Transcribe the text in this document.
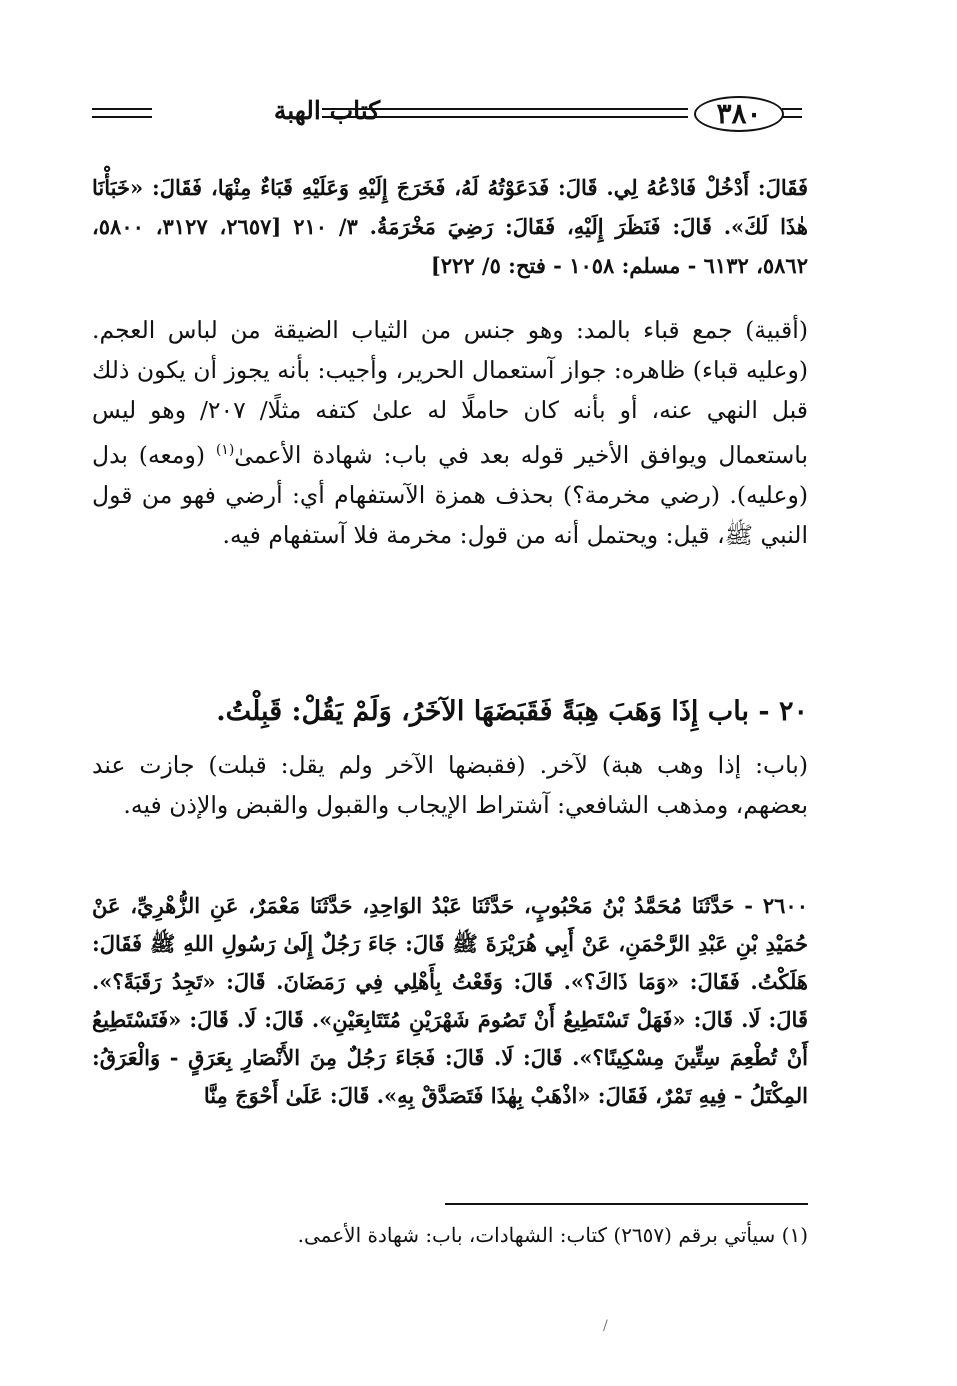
كتاب الهبة	٣٨٠

فَقَالَ: أَدْخُلْ فَادْعُهُ لِي. قَالَ: فَدَعَوْتُهُ لَهُ، فَخَرَجَ إِلَيْهِ وَعَلَيْهِ قَبَاءٌ مِنْهَا، فَقَالَ: «خَبَأْنَا هٰذَا لَكَ». قَالَ: فَنَظَرَ إِلَيْهِ، فَقَالَ: رَضِيَ مَخْرَمَةُ. ٣/ ٢١٠ [٢٦٥٧، ٣١٢٧، ٥٨٠٠، ٥٨٦٢، ٦١٣٢ - مسلم: ١٠٥٨ - فتح: ٥/ ٢٢٢]

(أقبية) جمع قباء بالمد: وهو جنس من الثياب الضيقة من لباس العجم. (وعليه قباء) ظاهره: جواز آستعمال الحرير، وأجيب: بأنه يجوز أن يكون ذلك قبل النهي عنه، أو بأنه كان حاملًا له علىٰ كتفه مثلًا/ ٢٠٧/ وهو ليس باستعمال ويوافق الأخير قوله بعد في باب: شهادة الأعمىٰ$^{(١)}$ (ومعه) بدل (وعليه). (رضي مخرمة؟) بحذف همزة الآستفهام أي: أرضي فهو من قول النبي ﷺ، قيل: ويحتمل أنه من قول: مخرمة فلا آستفهام فيه.

٢٠ - باب إِذَا وَهَبَ هِبَةً فَقَبَضَهَا الآخَرُ، وَلَمْ يَقُلْ: قَبِلْتُ.

(باب: إذا وهب هبة) لآخر. (فقبضها الآخر ولم يقل: قبلت) جازت عند بعضهم، ومذهب الشافعي: آشتراط الإيجاب والقبول والقبض والإذن فيه.

٢٦٠٠ - حَدَّثَنَا مُحَمَّدُ بْنُ مَحْبُوبٍ، حَدَّثَنَا عَبْدُ الوَاحِدِ، حَدَّثَنَا مَعْمَرٌ، عَنِ الزُّهْرِيِّ، عَنْ حُمَيْدِ بْنِ عَبْدِ الرَّحْمَنِ، عَنْ أَبِي هُرَيْرَةَ ﷺ قَالَ: جَاءَ رَجُلٌ إِلَىٰ رَسُولِ اللهِ ﷺ فَقَالَ: هَلَكْتُ. فَقَالَ: «وَمَا ذَاكَ؟». قَالَ: وَقَعْتُ بِأَهْلِي فِي رَمَضَانَ. قَالَ: «تَجِدُ رَقَبَةً؟». قَالَ: لَا. قَالَ: «فَهَلْ تَسْتَطِيعُ أَنْ تَصُومَ شَهْرَيْنِ مُتَتَابِعَيْنِ». قَالَ: لَا. قَالَ: «فَتَسْتَطِيعُ أَنْ تُطْعِمَ سِتِّينَ مِسْكِينًا؟». قَالَ: لَا. قَالَ: فَجَاءَ رَجُلٌ مِنَ الأَنْصَارِ بِعَرَقٍ - وَالْعَرَقُ: المِكْتَلُ - فِيهِ تَمْرٌ، فَقَالَ: «اذْهَبْ بِهٰذَا فَتَصَدَّقْ بِهِ». قَالَ: عَلَىٰ أَحْوَجَ مِنَّا

(١) سيأتي برقم (٢٦٥٧) كتاب: الشهادات، باب: شهادة الأعمى.

/
